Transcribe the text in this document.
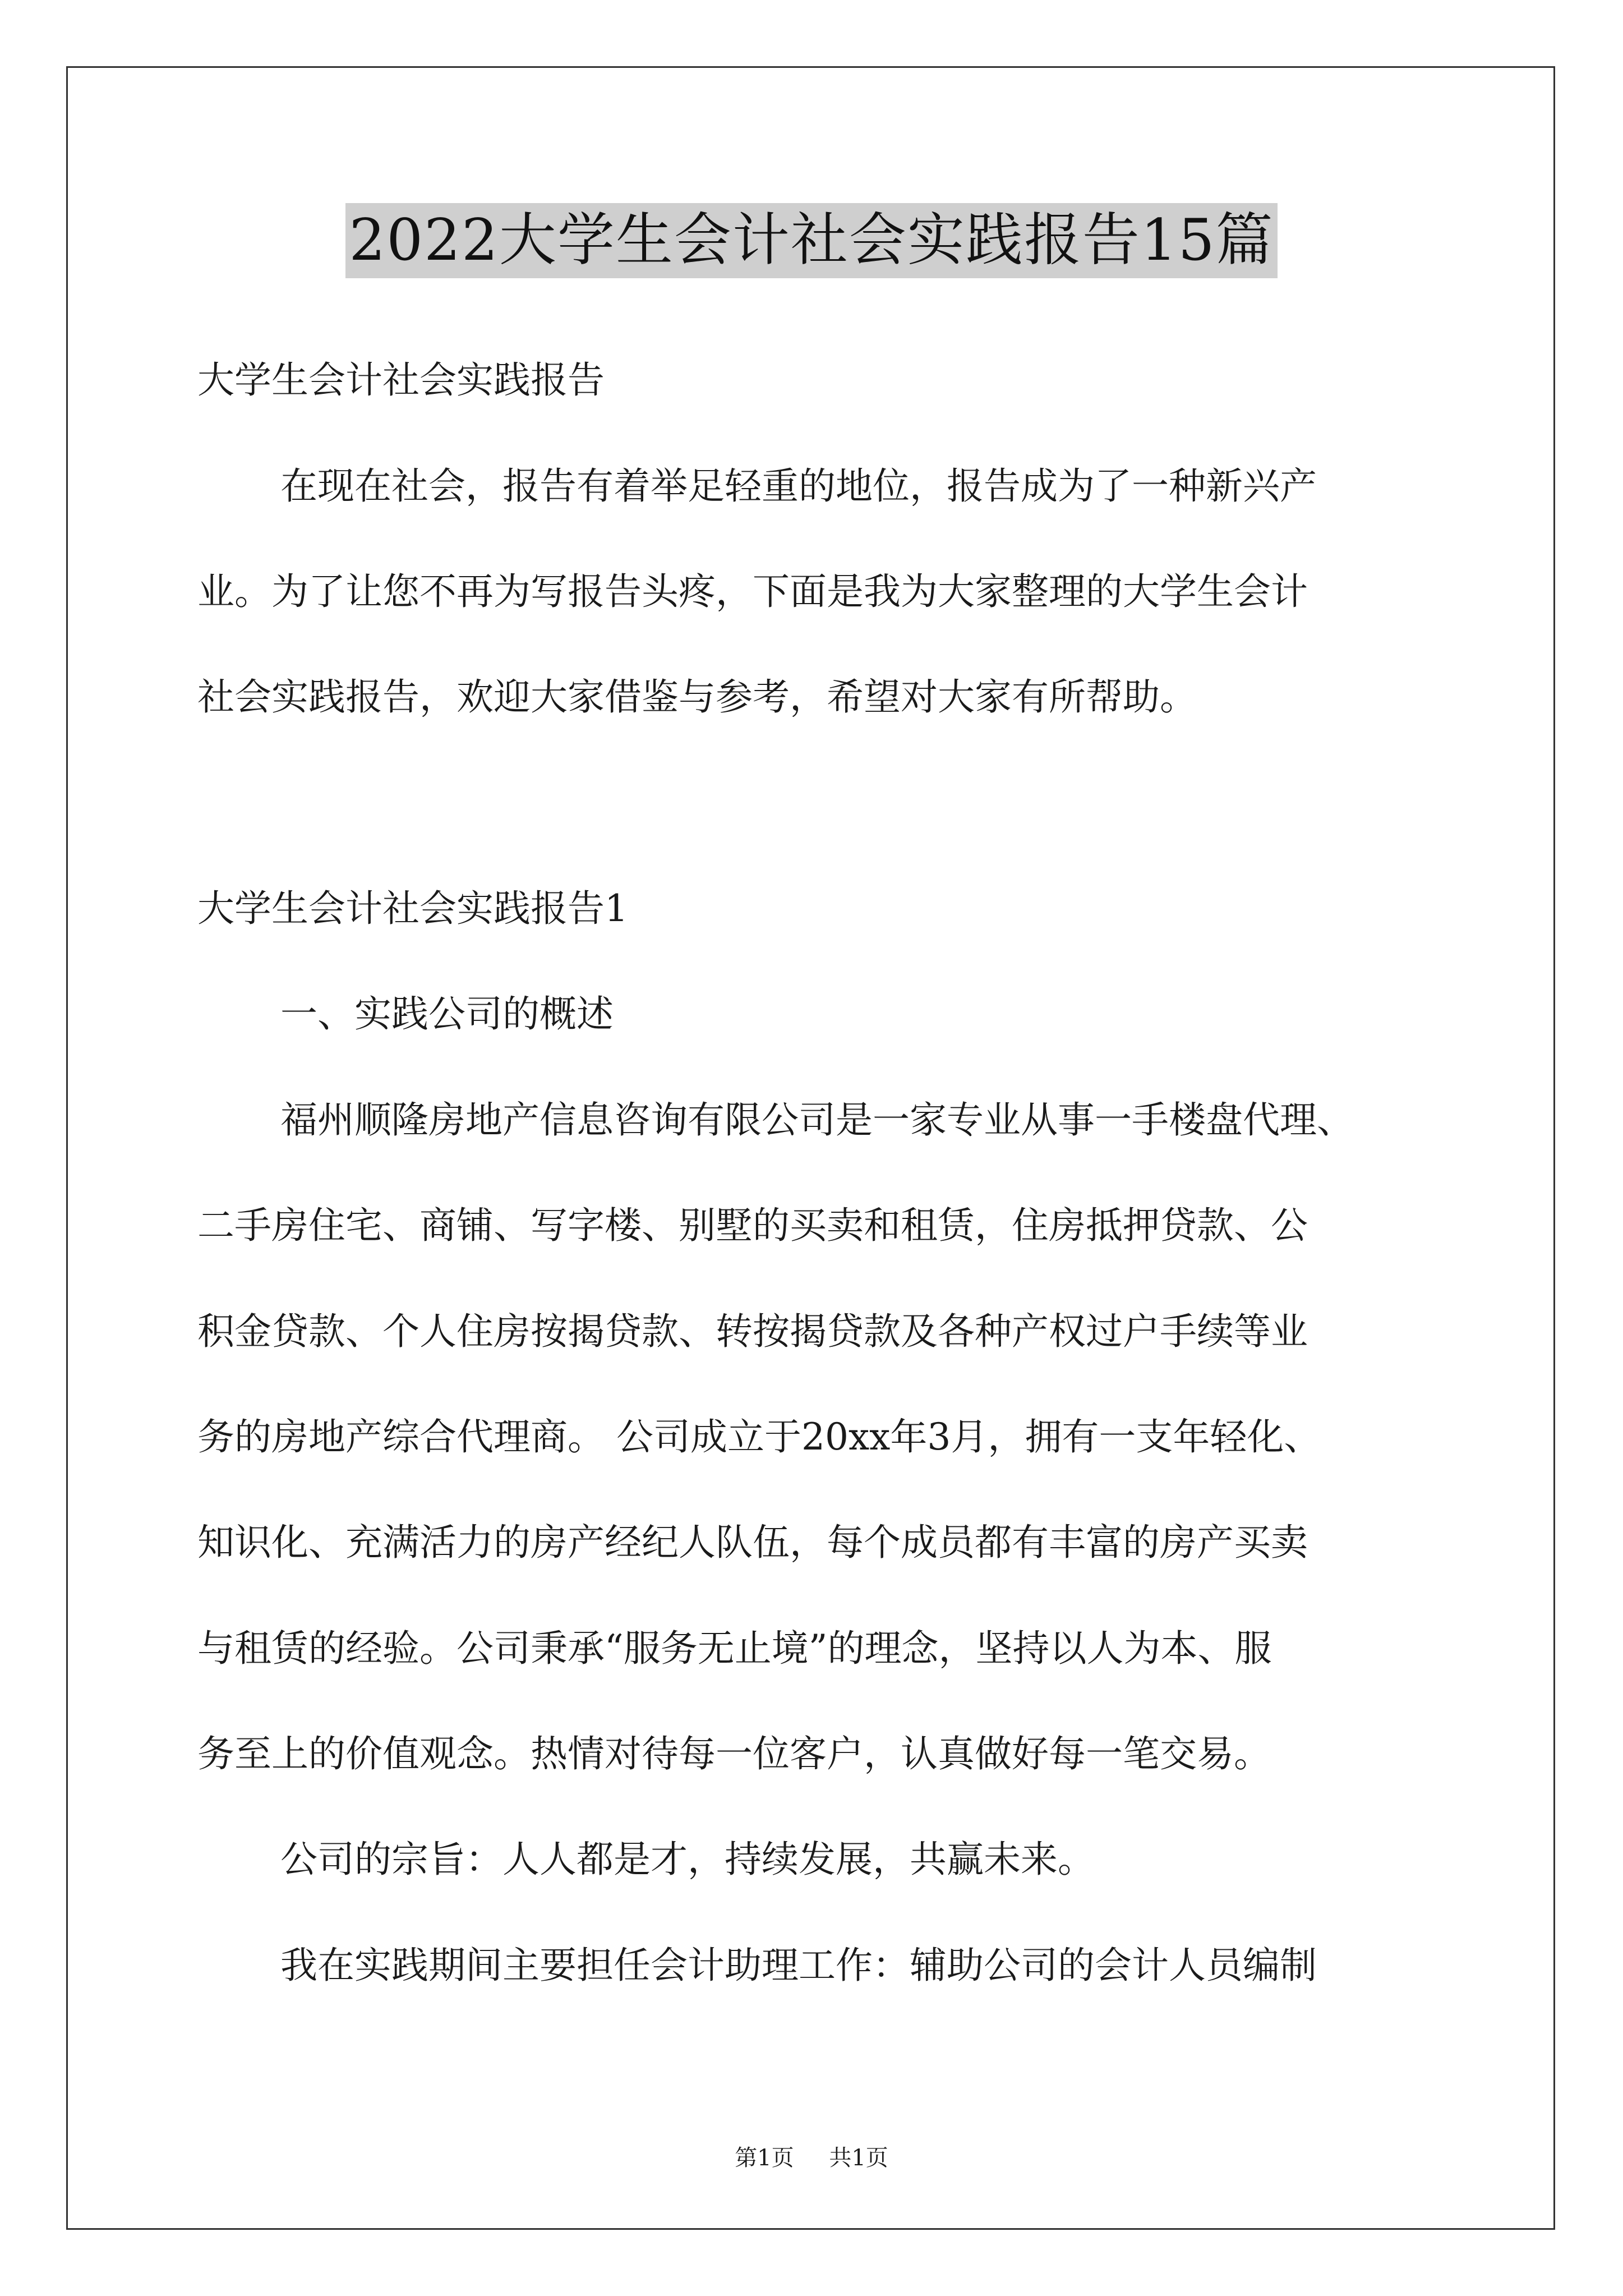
2022大学生会计社会实践报告15篇
大学生会计社会实践报告
在现在社会，报告有着举足轻重的地位，报告成为了一种新兴产
业。为了让您不再为写报告头疼，下面是我为大家整理的大学生会计
社会实践报告，欢迎大家借鉴与参考，希望对大家有所帮助。
大学生会计社会实践报告1
一、实践公司的概述
福州顺隆房地产信息咨询有限公司是一家专业从事一手楼盘代理、
二手房住宅、商铺、写字楼、别墅的买卖和租赁，住房抵押贷款、公
积金贷款、个人住房按揭贷款、转按揭贷款及各种产权过户手续等业
务的房地产综合代理商。 公司成立于20xx年3月，拥有一支年轻化、
知识化、充满活力的房产经纪人队伍，每个成员都有丰富的房产买卖
与租赁的经验。公司秉承“服务无止境”的理念，坚持以人为本、服
务至上的价值观念。热情对待每一位客户，认真做好每一笔交易。
公司的宗旨：人人都是才，持续发展，共赢未来。
我在实践期间主要担任会计助理工作：辅助公司的会计人员编制
第1页 共1页
